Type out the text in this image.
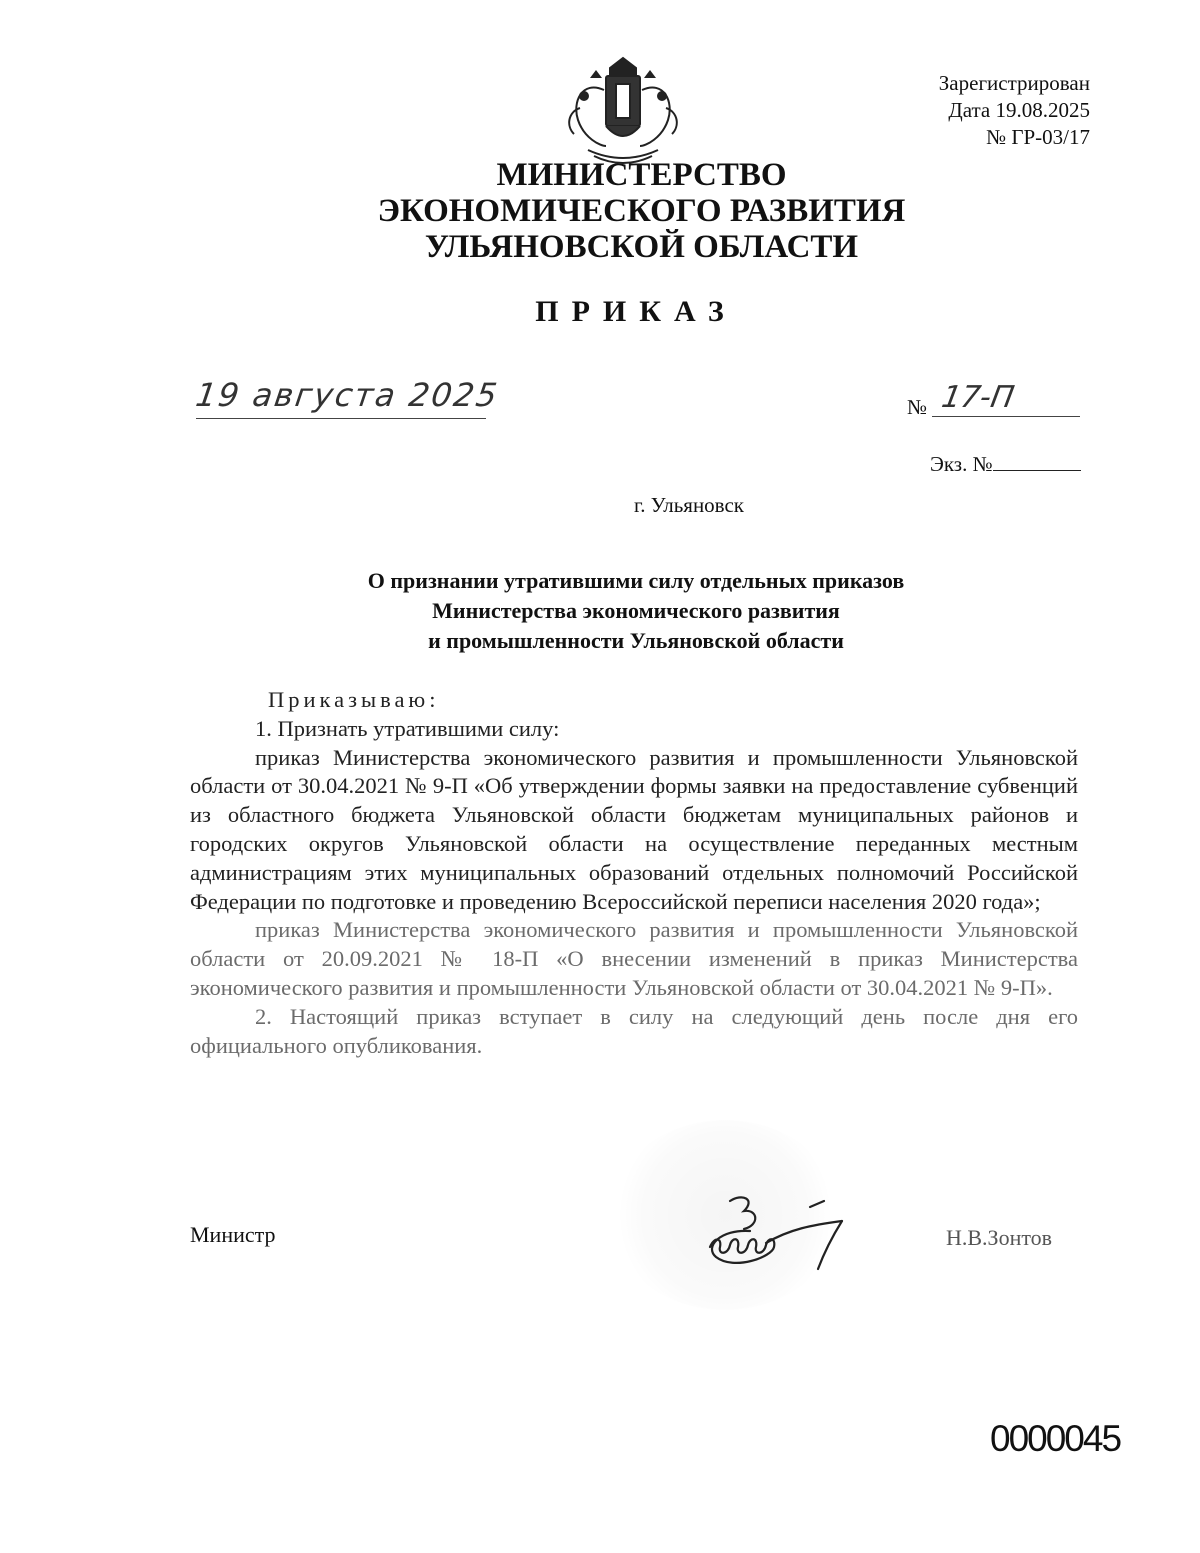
Зарегистрирован
Дата 19.08.2025
№ ГР-03/17
МИНИСТЕРСТВО
ЭКОНОМИЧЕСКОГО РАЗВИТИЯ
УЛЬЯНОВСКОЙ ОБЛАСТИ
ПРИКАЗ
19 августа 2025	№ 17-П
Экз. №
г. Ульяновск
О признании утратившими силу отдельных приказов
Министерства экономического развития
и промышленности Ульяновской области

Приказываю:

1. Признать утратившими силу:

приказ Министерства экономического развития и промышленности Ульяновской области от 30.04.2021 № 9-П «Об утверждении формы заявки на предоставление субвенций из областного бюджета Ульяновской области бюджетам муниципальных районов и городских округов Ульяновской области на осуществление переданных местным администрациям этих муниципальных образований отдельных полномочий Российской Федерации по подготовке и проведению Всероссийской переписи населения 2020 года»;

приказ Министерства экономического развития и промышленности Ульяновской области от 20.09.2021 № 18-П «О внесении изменений в приказ Министерства экономического развития и промышленности Ульяновской области от 30.04.2021 № 9-П».

2. Настоящий приказ вступает в силу на следующий день после дня его официального опубликования.

Министр	Н.В.Зонтов
0000045
